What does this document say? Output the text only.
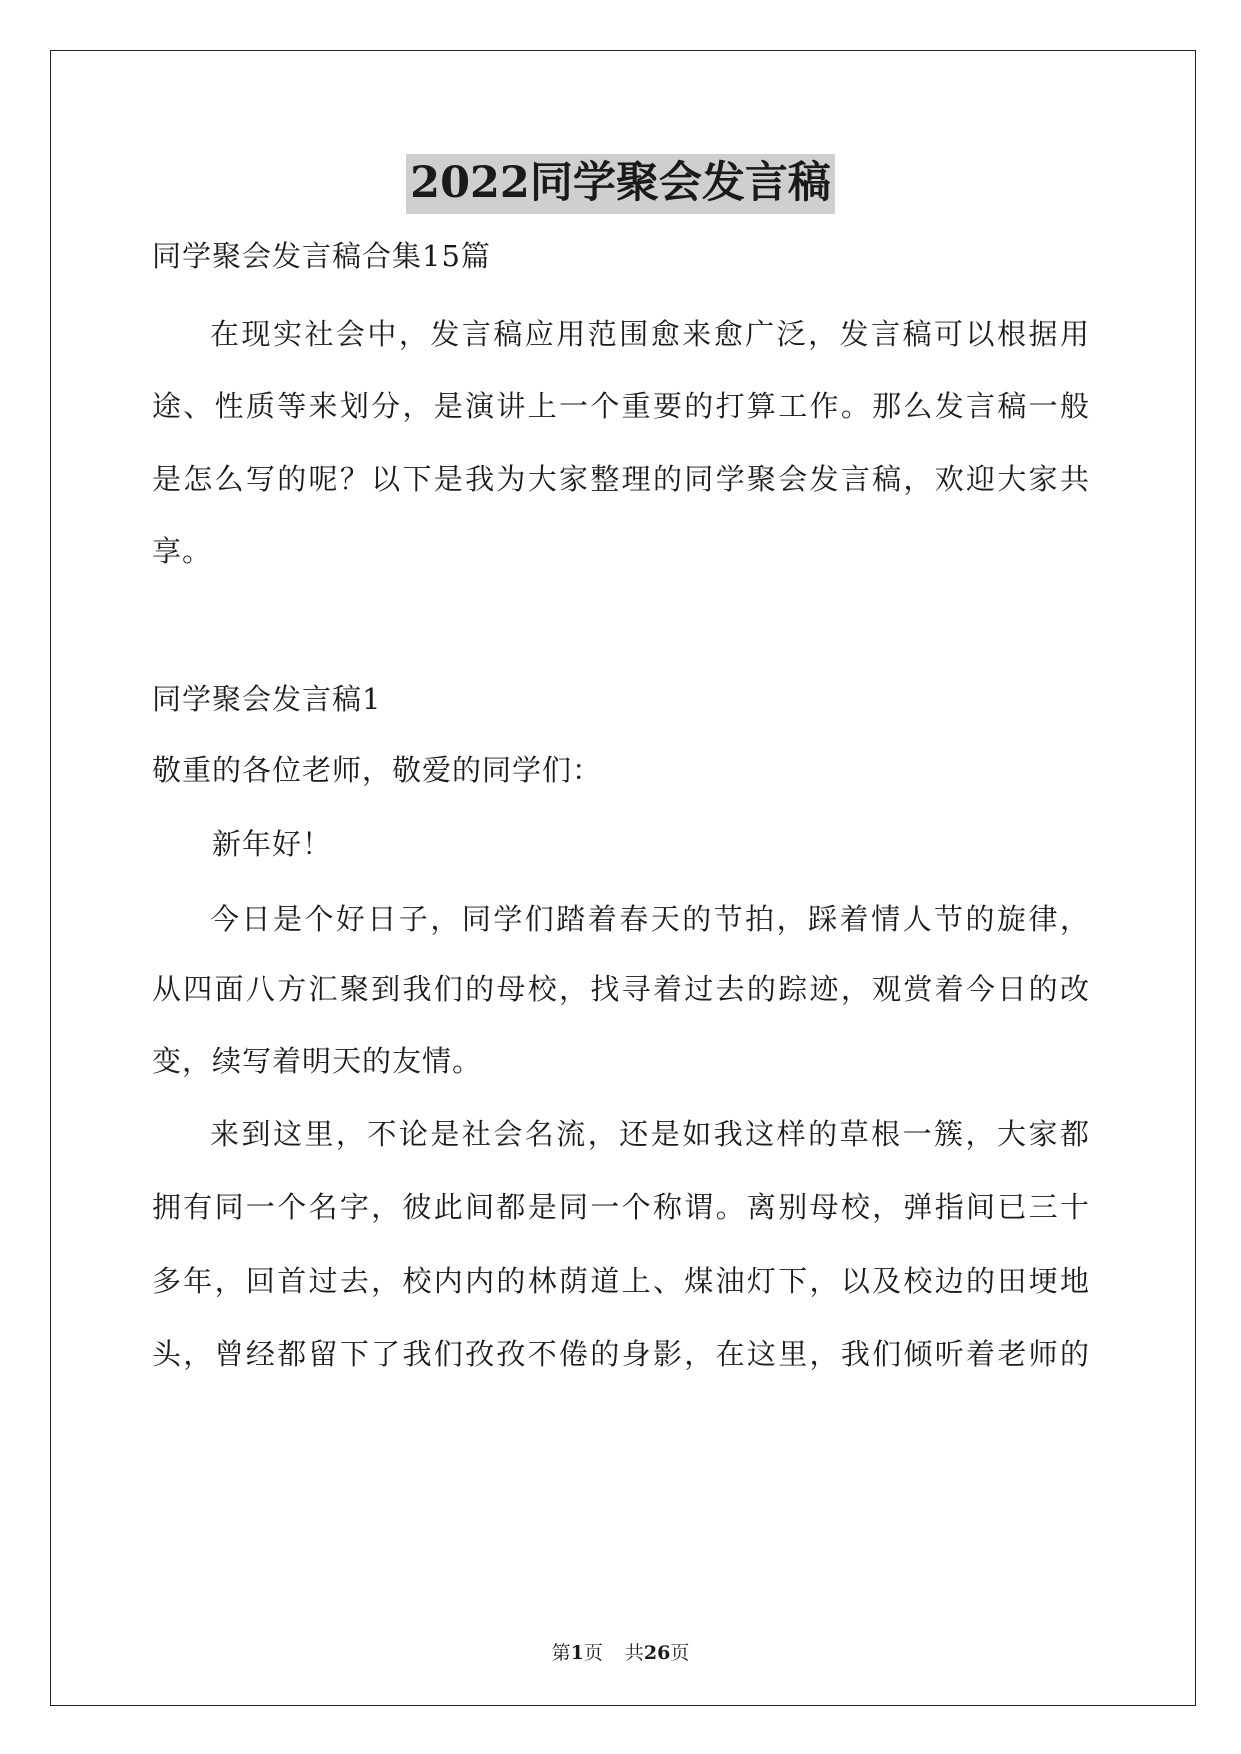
2022同学聚会发言稿
同学聚会发言稿合集15篇
在现实社会中，发言稿应用范围愈来愈广泛，发言稿可以根据用
途、性质等来划分，是演讲上一个重要的打算工作。那么发言稿一般
是怎么写的呢？以下是我为大家整理的同学聚会发言稿，欢迎大家共
享。
同学聚会发言稿1
敬重的各位老师，敬爱的同学们：
新年好！
今日是个好日子，同学们踏着春天的节拍，踩着情人节的旋律，
从四面八方汇聚到我们的母校，找寻着过去的踪迹，观赏着今日的改
变，续写着明天的友情。
来到这里，不论是社会名流，还是如我这样的草根一簇，大家都
拥有同一个名字，彼此间都是同一个称谓。离别母校，弹指间已三十
多年，回首过去，校内内的林荫道上、煤油灯下，以及校边的田埂地
头，曾经都留下了我们孜孜不倦的身影，在这里，我们倾听着老师的
第1页 共26页
